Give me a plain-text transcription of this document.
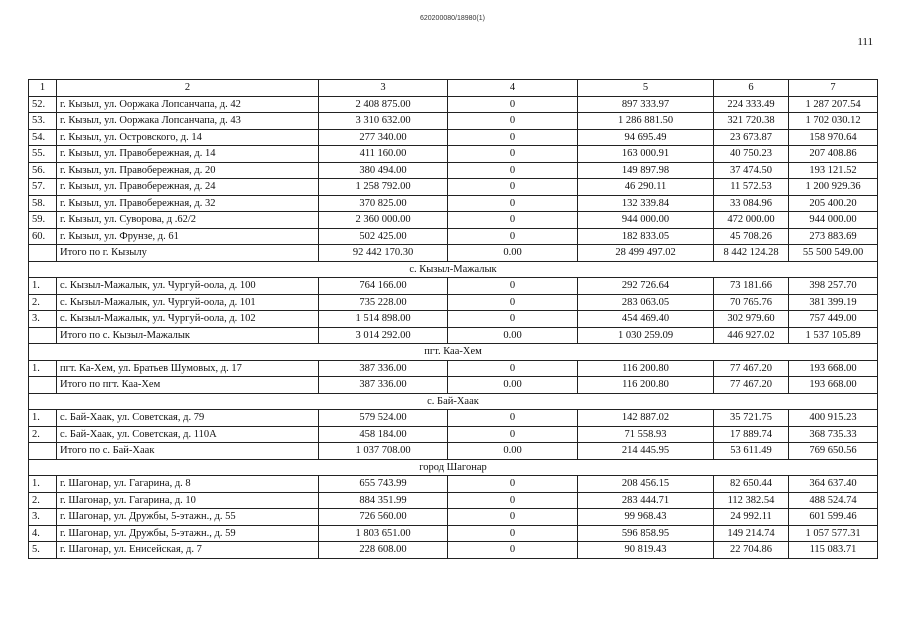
620200080/18980(1)
111
1	2	3	4	5	6	7
52.	г. Кызыл, ул. Ооржака Лопсанчапа, д. 42	2 408 875.00	0	897 333.97	224 333.49	1 287 207.54
53.	г. Кызыл, ул. Ооржака Лопсанчапа, д. 43	3 310 632.00	0	1 286 881.50	321 720.38	1 702 030.12
54.	г. Кызыл, ул. Островского, д. 14	277 340.00	0	94 695.49	23 673.87	158 970.64
55.	г. Кызыл, ул. Правобережная, д. 14	411 160.00	0	163 000.91	40 750.23	207 408.86
56.	г. Кызыл, ул. Правобережная, д. 20	380 494.00	0	149 897.98	37 474.50	193 121.52
57.	г. Кызыл, ул. Правобережная, д. 24	1 258 792.00	0	46 290.11	11 572.53	1 200 929.36
58.	г. Кызыл, ул. Правобережная, д. 32	370 825.00	0	132 339.84	33 084.96	205 400.20
59.	г. Кызыл, ул. Суворова, д .62/2	2 360 000.00	0	944 000.00	472 000.00	944 000.00
60.	г. Кызыл, ул. Фрунзе, д. 61	502 425.00	0	182 833.05	45 708.26	273 883.69
	Итого по г. Кызылу	92 442 170.30	0.00	28 499 497.02	8 442 124.28	55 500 549.00
с. Кызыл-Мажалык						
1.	с. Кызыл-Мажалык, ул. Чургуй-оола, д. 100	764 166.00	0	292 726.64	73 181.66	398 257.70
2.	с. Кызыл-Мажалык, ул. Чургуй-оола, д. 101	735 228.00	0	283 063.05	70 765.76	381 399.19
3.	с. Кызыл-Мажалык, ул. Чургуй-оола, д. 102	1 514 898.00	0	454 469.40	302 979.60	757 449.00
	Итого по с. Кызыл-Мажалык	3 014 292.00	0.00	1 030 259.09	446 927.02	1 537 105.89
пгт. Каа-Хем						
1.	пгт. Ка-Хем, ул. Братьев Шумовых, д. 17	387 336.00	0	116 200.80	77 467.20	193 668.00
	Итого по пгт. Каа-Хем	387 336.00	0.00	116 200.80	77 467.20	193 668.00
с. Бай-Хаак						
1.	с. Бай-Хаак, ул. Советская, д. 79	579 524.00	0	142 887.02	35 721.75	400 915.23
2.	с. Бай-Хаак, ул. Советская, д. 110А	458 184.00	0	71 558.93	17 889.74	368 735.33
	Итого по с. Бай-Хаак	1 037 708.00	0.00	214 445.95	53 611.49	769 650.56
город Шагонар						
1.	г. Шагонар, ул. Гагарина, д. 8	655 743.99	0	208 456.15	82 650.44	364 637.40
2.	г. Шагонар, ул. Гагарина, д. 10	884 351.99	0	283 444.71	112 382.54	488 524.74
3.	г. Шагонар, ул. Дружбы, 5-этажн., д. 55	726 560.00	0	99 968.43	24 992.11	601 599.46
4.	г. Шагонар, ул. Дружбы, 5-этажн., д. 59	1 803 651.00	0	596 858.95	149 214.74	1 057 577.31
5.	г. Шагонар, ул. Енисейская, д. 7	228 608.00	0	90 819.43	22 704.86	115 083.71
